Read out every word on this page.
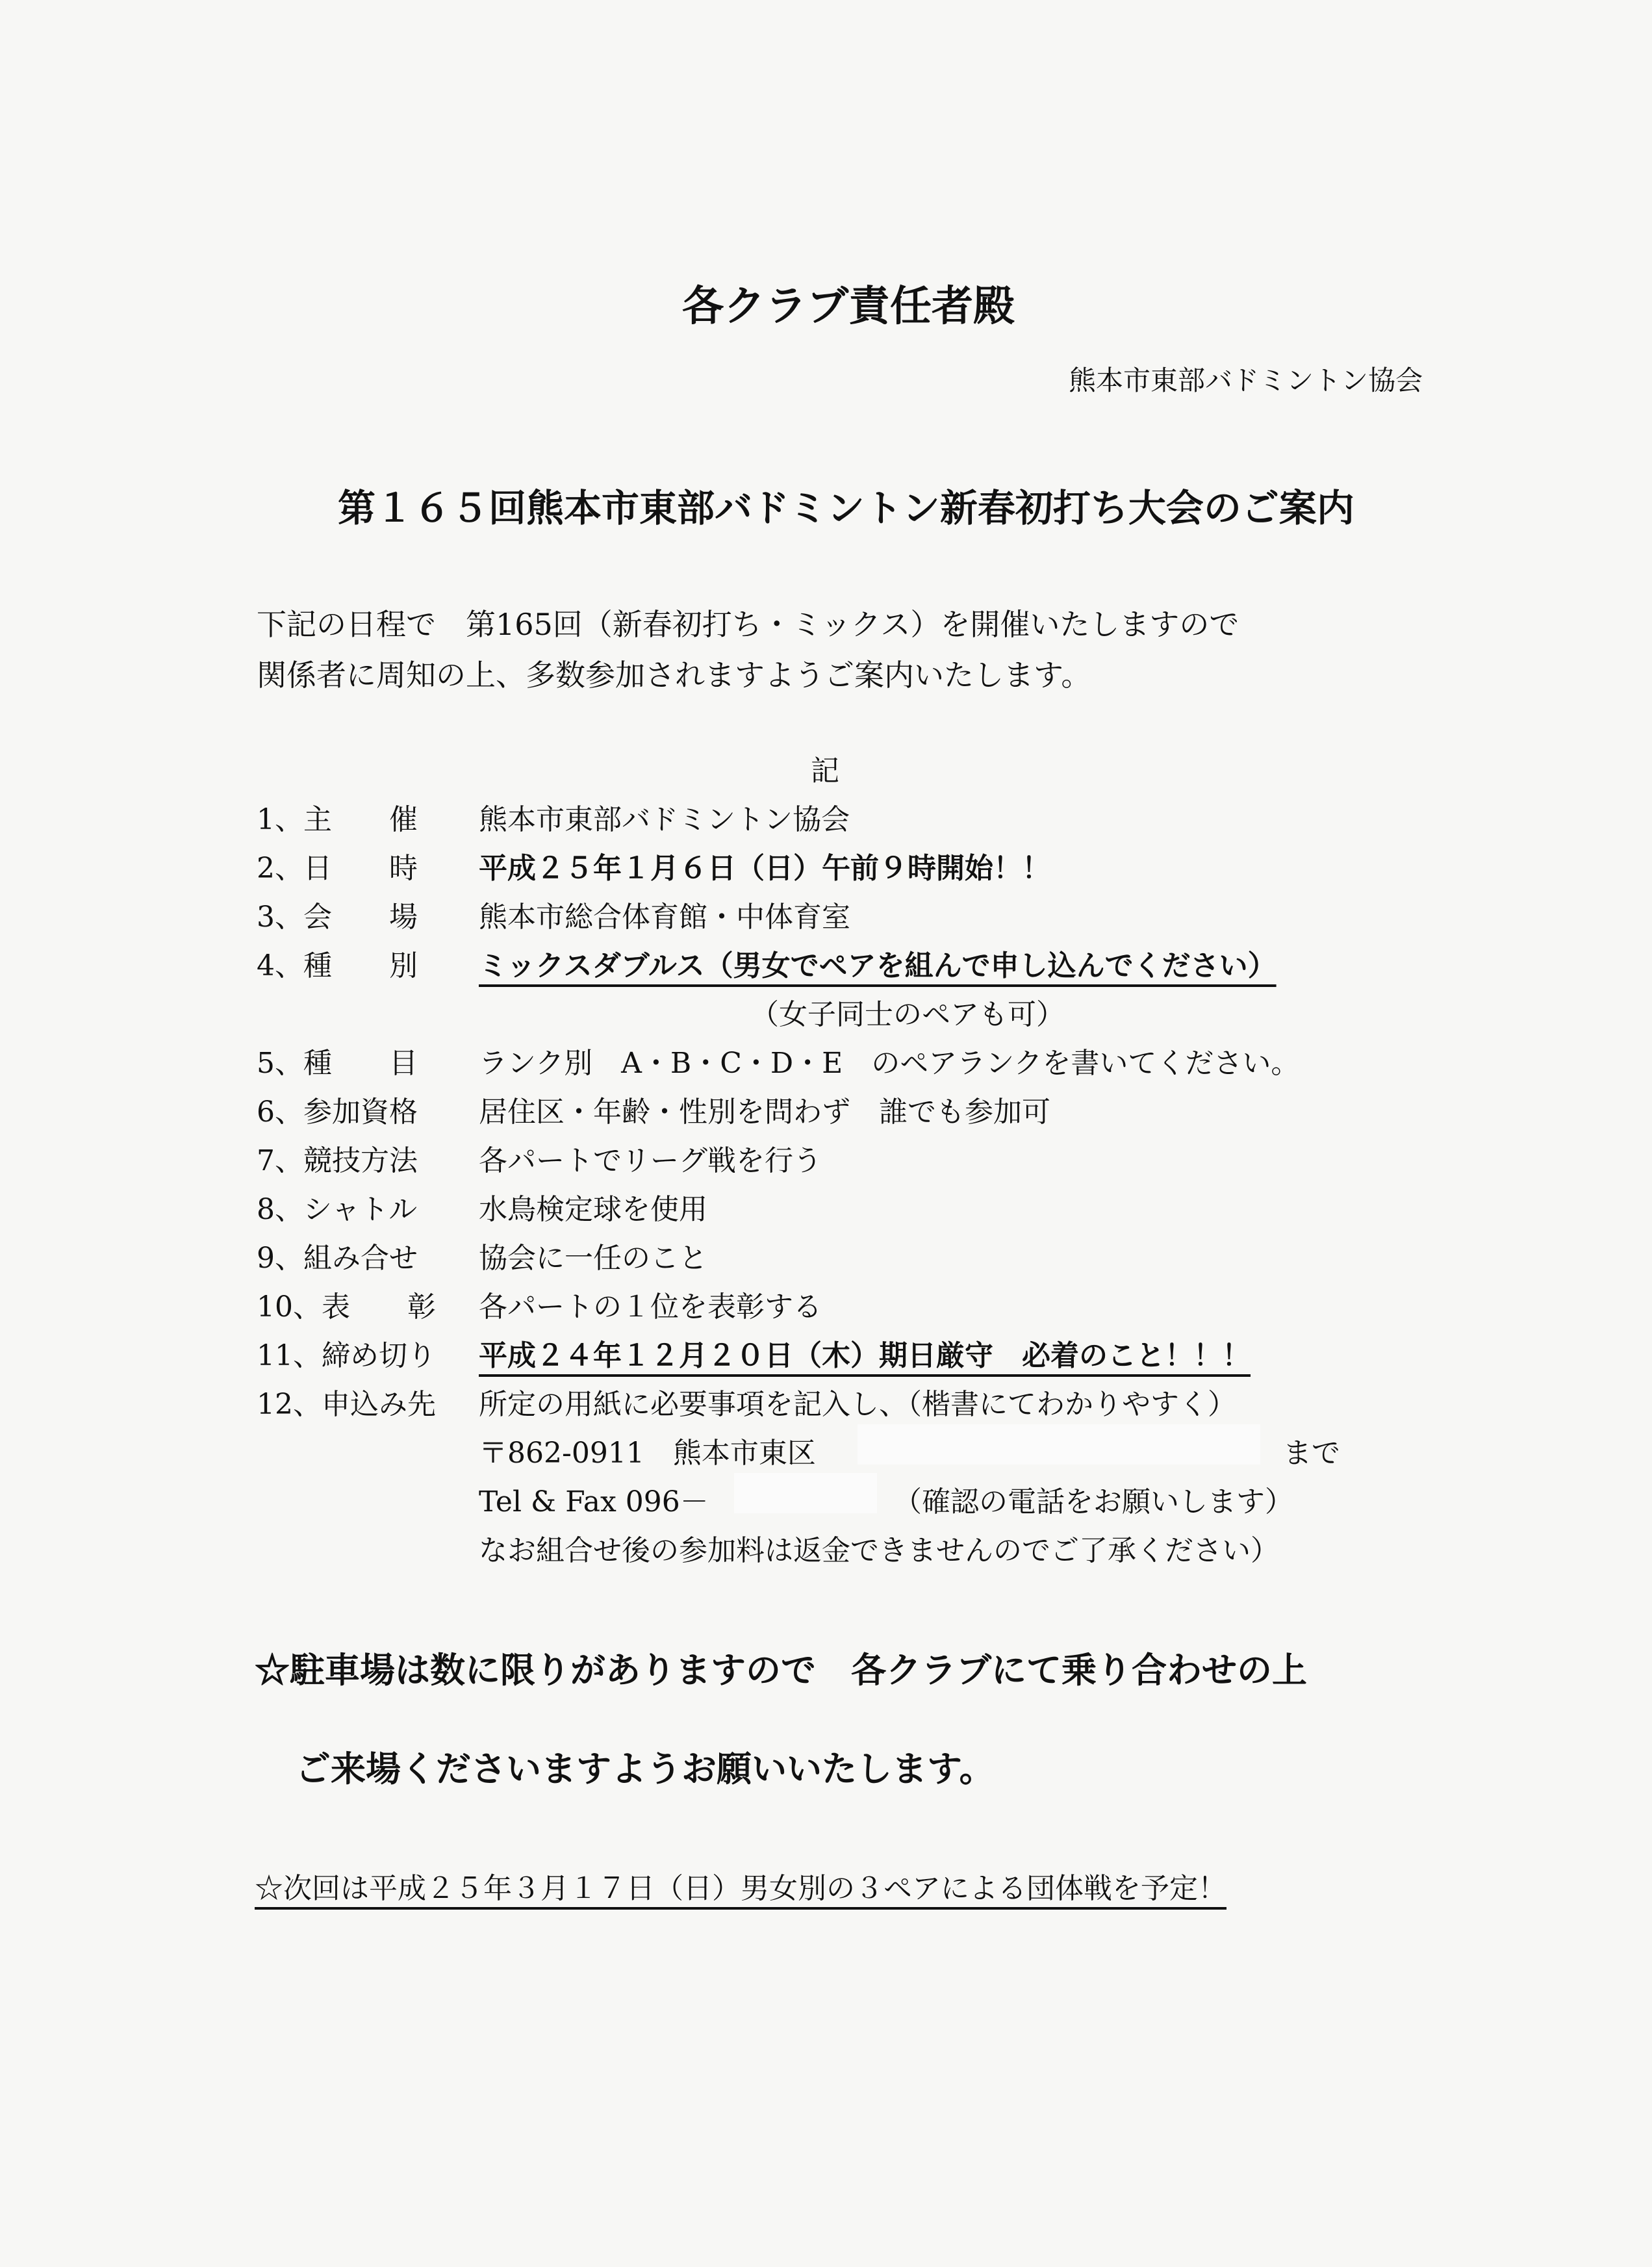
各クラブ責任者殿
熊本市東部バドミントン協会
第１６５回熊本市東部バドミントン新春初打ち大会のご案内
下記の日程で　第165回（新春初打ち・ミックス）を開催いたしますので
関係者に周知の上、多数参加されますようご案内いたします。
記
1、主　　催	熊本市東部バドミントン協会
2、日　　時	平成２５年１月６日（日）午前９時開始！！
3、会　　場	熊本市総合体育館・中体育室
4、種　　別	ミックスダブルス（男女でペアを組んで申し込んでください）
（女子同士のペアも可）
5、種　　目	ランク別　A・B・C・D・E　のペアランクを書いてください。
6、参加資格	居住区・年齢・性別を問わず　誰でも参加可
7、競技方法	各パートでリーグ戦を行う
8、シャトル	水鳥検定球を使用
9、組み合せ	協会に一任のこと
10、表　　彰	各パートの１位を表彰する
11、締め切り	平成２４年１２月２０日（木）期日厳守　必着のこと！！！
12、申込み先	所定の用紙に必要事項を記入し、（楷書にてわかりやすく）
〒862-0911　熊本市東区	まで
Tel & Fax 096－	（確認の電話をお願いします）
なお組合せ後の参加料は返金できませんのでご了承ください）
☆駐車場は数に限りがありますので　各クラブにて乗り合わせの上
ご来場くださいますようお願いいたします。
☆次回は平成２５年３月１７日（日）男女別の３ペアによる団体戦を予定！
